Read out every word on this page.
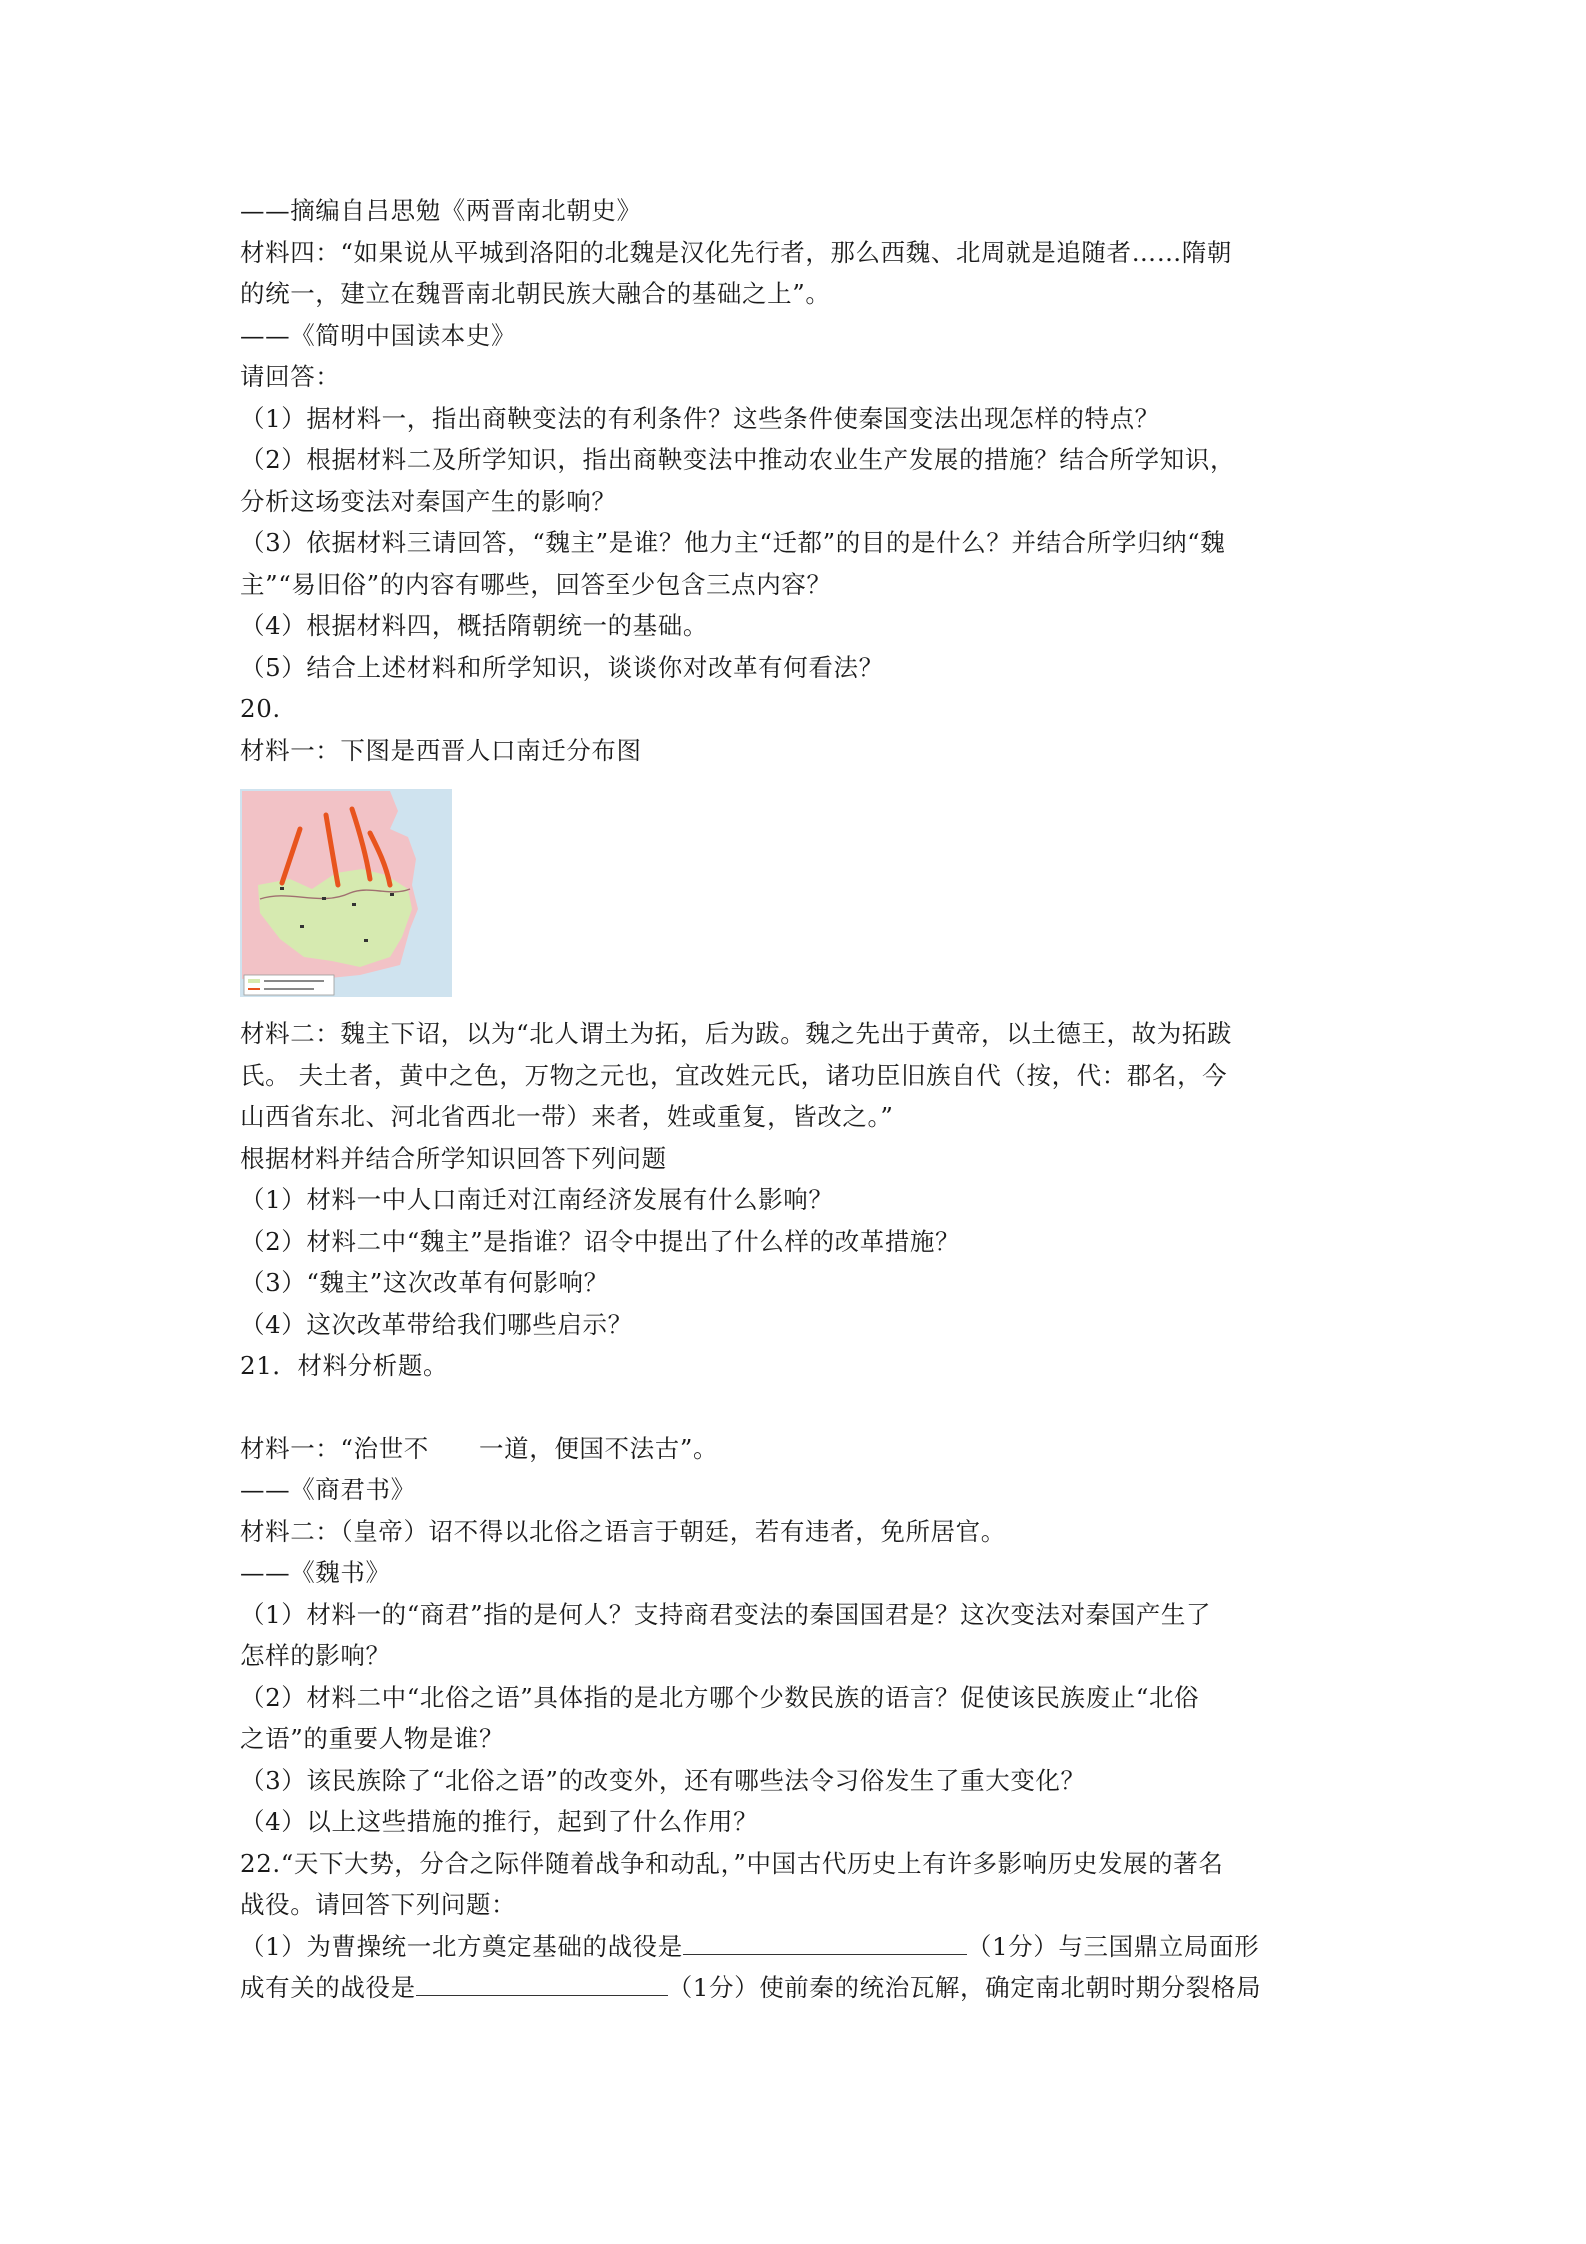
——摘编自吕思勉《两晋南北朝史》
材料四：“如果说从平城到洛阳的北魏是汉化先行者，那么西魏、北周就是追随者……隋朝
的统一，建立在魏晋南北朝民族大融合的基础之上”。
——《简明中国读本史》
请回答：
（1）据材料一，指出商鞅变法的有利条件？这些条件使秦国变法出现怎样的特点？
（2）根据材料二及所学知识，指出商鞅变法中推动农业生产发展的措施？结合所学知识，
分析这场变法对秦国产生的影响？
（3）依据材料三请回答，“魏主”是谁？他力主“迁都”的目的是什么？并结合所学归纳“魏
主”“易旧俗”的内容有哪些，回答至少包含三点内容？
（4）根据材料四，概括隋朝统一的基础。
（5）结合上述材料和所学知识，谈谈你对改革有何看法？
20.
材料一：下图是西晋人口南迁分布图
材料二：魏主下诏，以为“北人谓土为拓，后为跋。魏之先出于黄帝，以土德王，故为拓跋
氏。 夫土者，黄中之色，万物之元也，宜改姓元氏，诸功臣旧族自代（按，代：郡名，今
山西省东北、河北省西北一带）来者，姓或重复，皆改之。”
根据材料并结合所学知识回答下列问题
（1）材料一中人口南迁对江南经济发展有什么影响？
（2）材料二中“魏主”是指谁？诏令中提出了什么样的改革措施？
（3）“魏主”这次改革有何影响？
（4）这次改革带给我们哪些启示？
21．材料分析题。
材料一：“治世不　　一道，便国不法古”。
——《商君书》
材料二：（皇帝）诏不得以北俗之语言于朝廷，若有违者，免所居官。
——《魏书》
（1）材料一的“商君”指的是何人？支持商君变法的秦国国君是？这次变法对秦国产生了
怎样的影响？
（2）材料二中“北俗之语”具体指的是北方哪个少数民族的语言？促使该民族废止“北俗
之语”的重要人物是谁？
（3）该民族除了“北俗之语”的改变外，还有哪些法令习俗发生了重大变化？
（4）以上这些措施的推行，起到了什么作用？
22.“天下大势，分合之际伴随着战争和动乱，”中国古代历史上有许多影响历史发展的著名
战役。请回答下列问题：
（1）为曹操统一北方奠定基础的战役是	（1分）与三国鼎立局面形
成有关的战役是	（1分）使前秦的统治瓦解，确定南北朝时期分裂格局
